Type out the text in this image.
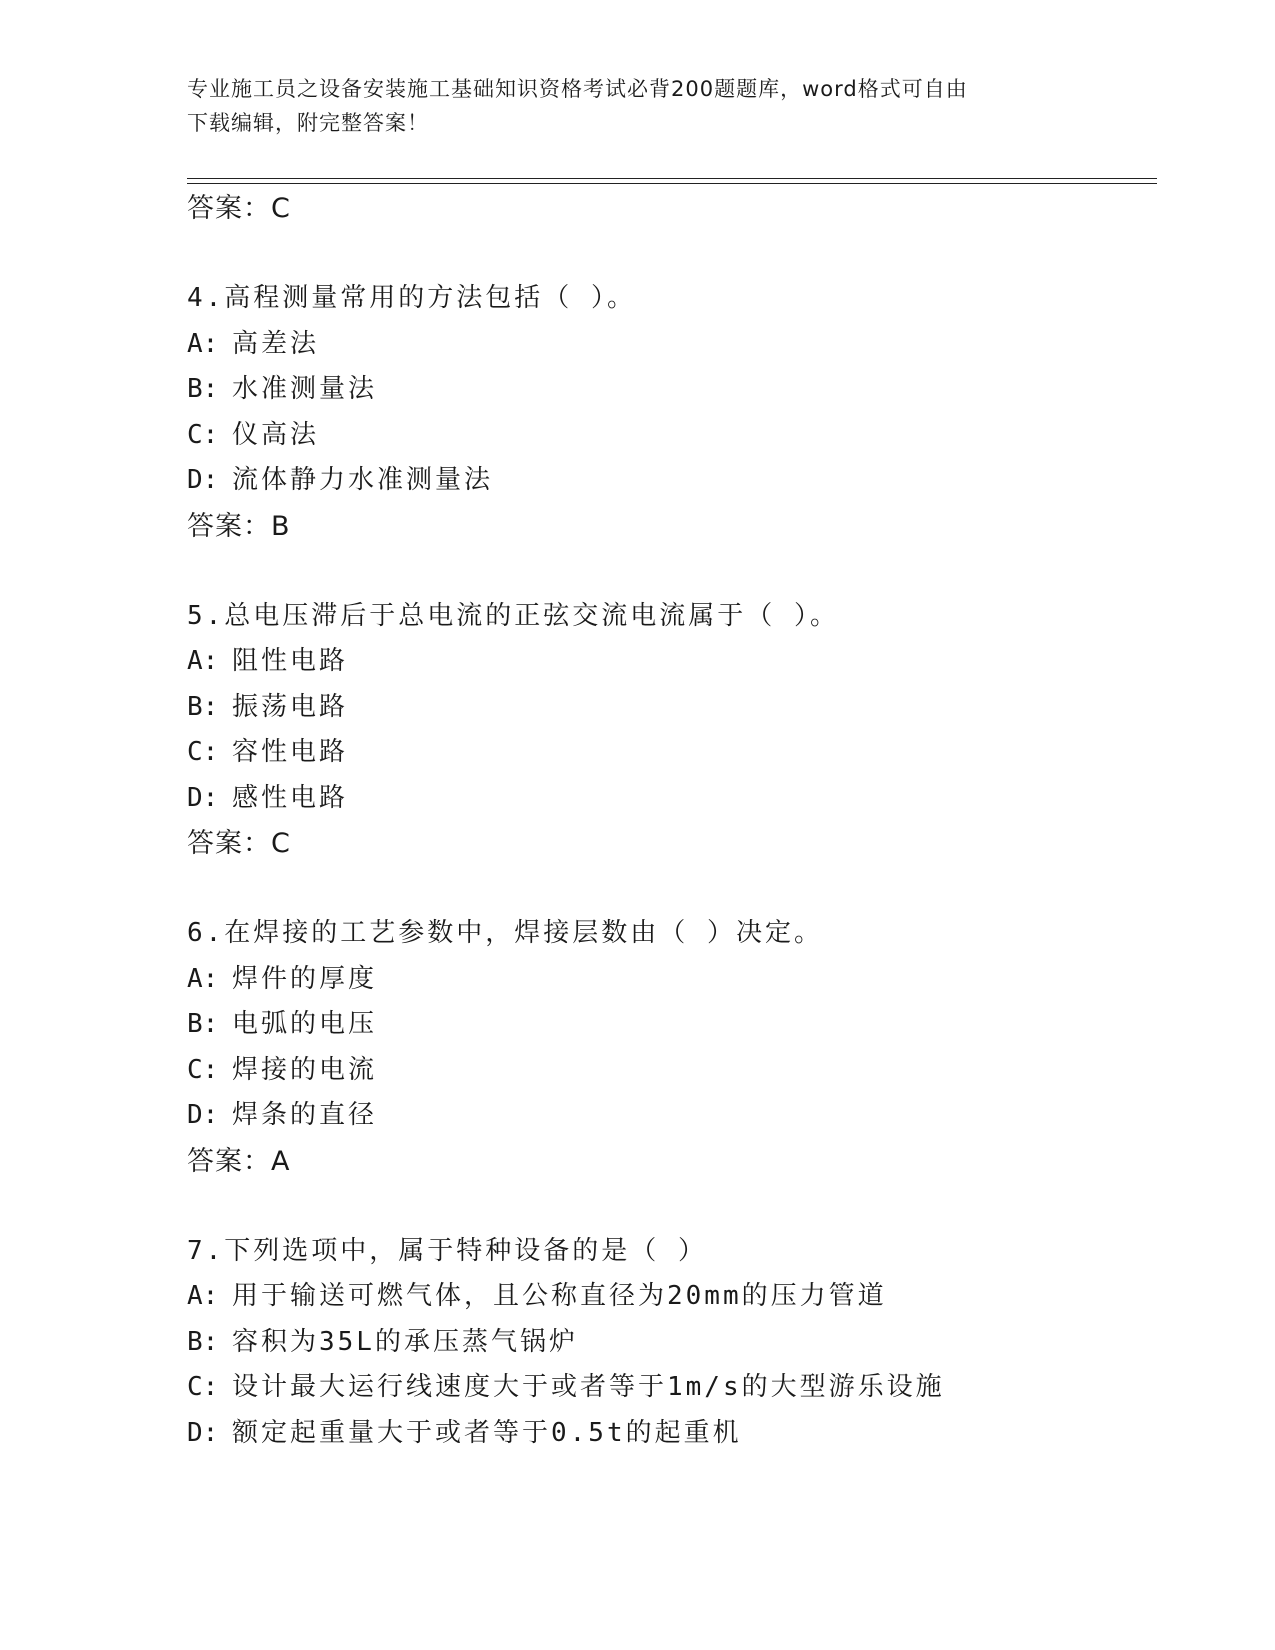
专业施工员之设备安装施工基础知识资格考试必背200题题库，word格式可自由
下载编辑，附完整答案！
答案：C
4.高程测量常用的方法包括（ ）。
A: 高差法
B: 水准测量法
C: 仪高法
D: 流体静力水准测量法
答案：B
5.总电压滞后于总电流的正弦交流电流属于（ ）。
A: 阻性电路
B: 振荡电路
C: 容性电路
D: 感性电路
答案：C
6.在焊接的工艺参数中，焊接层数由（ ）决定。
A: 焊件的厚度
B: 电弧的电压
C: 焊接的电流
D: 焊条的直径
答案：A
7.下列选项中，属于特种设备的是（ ）
A: 用于输送可燃气体，且公称直径为20mm的压力管道
B: 容积为35L的承压蒸气锅炉
C: 设计最大运行线速度大于或者等于1m/s的大型游乐设施
D: 额定起重量大于或者等于0.5t的起重机
